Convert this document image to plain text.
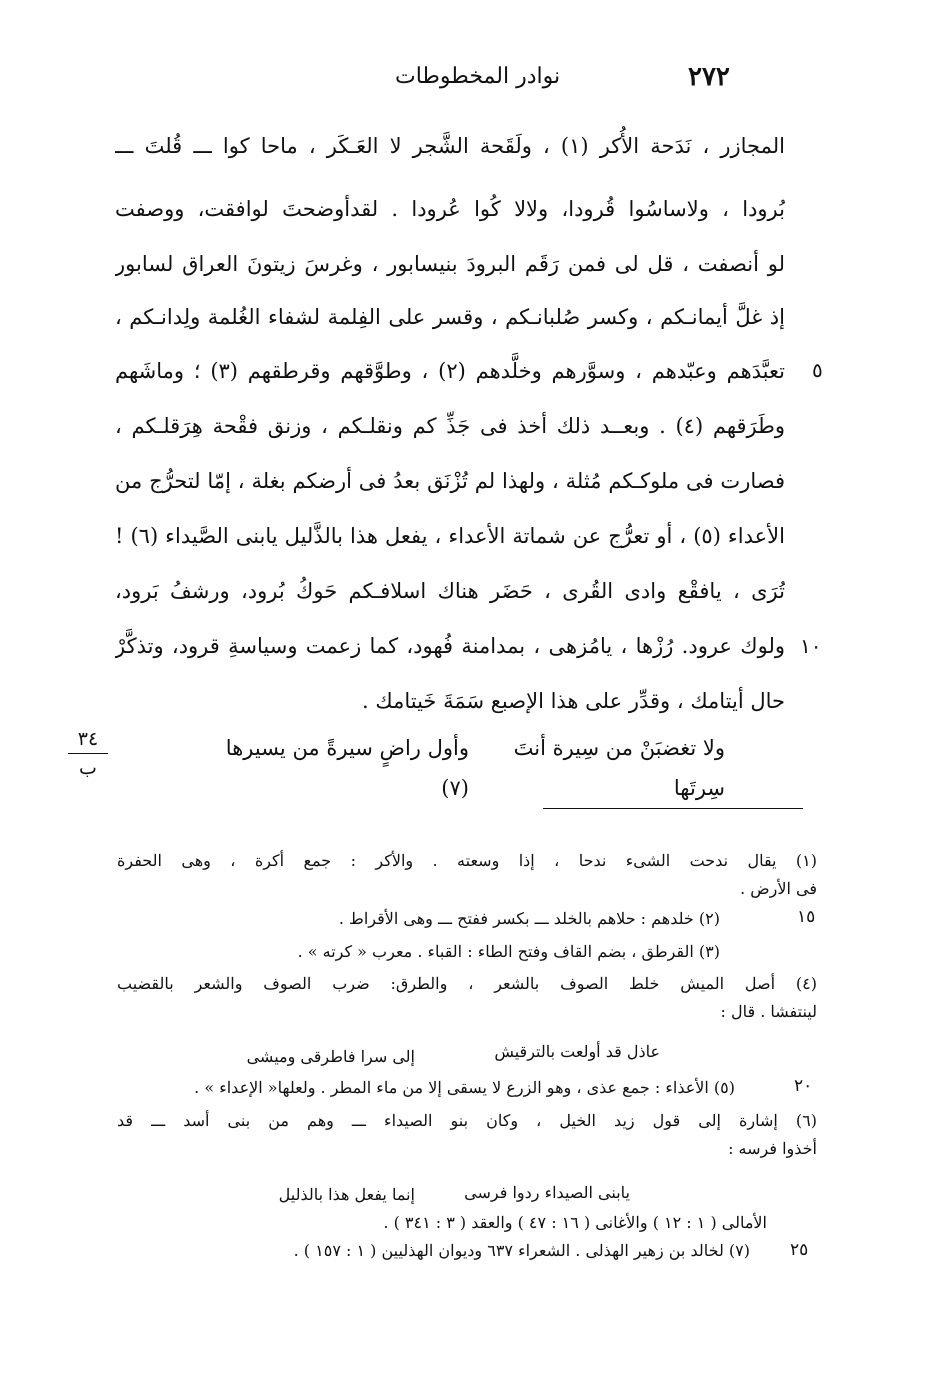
٢٧٢
نوادر المخطوطات
المجازر ، نَدَحة الأُكر (١) ، ولَقَحة الشَّجر لا العَـكَر ، ماحا كوا ـــ قُلتَ ـــ
بُرودا ، ولاساسُوا قُرودا، ولالا كُوا عُرودا . لقدأوضحتَ لوافقت، ووصفت
لو أنصفت ، قل لى فمن رَقَم البرودَ بنيسابور ، وغرسَ زيتونَ العراق لسابور
إذ غلَّ أيمانـكم ، وكسر صُلبانـكم ، وقسر على الفِلمة لشفاء الغُلمة ولِدانـكم ،
تعبَّدَهم وعبّدهم ، وسوَّرهم وخلَّدهم (٢) ، وطوَّقهم وقرطقهم (٣) ؛ وماشَهم
وطَرَقهم (٤) . وبعــد ذلك أخذ فى جَذِّ كم ونقلـكم ، وزنق فقْحة هِرَقلـكم ،
فصارت فى ملوكـكم مُثلة ، ولهذا لم تُزْنَق بعدُ فى أرضكم بغلة ، إمّا لتحرُّج من
الأعداء (٥) ، أو تعرُّج عن شماتة الأعداء ، يفعل هذا بالذَّليل يابنى الصَّيداء (٦) !
تُرَى ، يافقْع وادى القُرى ، حَضَر هناك اسلافـكم حَوكُ بُرود، ورشفُ بَرود،
ولوك عرود. رُزْها ، يامُزهى ، بمدامنة فُهود، كما زعمت وسياسةِ قرود، وتذكَّرْ
حال أيتامك ، وقدِّر على هذا الإصبع سَمَةَ خَيتامك .
ولا تغضبَنْ من سِيرة أنتَ سِرتَها
وأول راضٍ سيرةً من يسيرها (٧)
٥
١٠
٣٤
ب
(١) يقال ندحت الشىء ندحا ، إذا وسعته . والأكر : جمع أكرة ، وهى الحفرة
فى الأرض .
(٢) خلدهم : حلاهم بالخلد ـــ بكسر ففتح ـــ وهى الأقراط .
(٣) القرطق ، بضم القاف وفتح الطاء : القباء . معرب « كرته » .
(٤) أصل الميش خلط الصوف بالشعر ، والطرق: ضرب الصوف والشعر بالقضيب
لينتفشا . قال :
عاذل قد أولعت بالترقيش
إلى سرا فاطرقى وميشى
(٥) الأعذاء : جمع عذى ، وهو الزرع لا يسقى إلا من ماء المطر . ولعلها« الإعداء » .
(٦) إشارة إلى قول زيد الخيل ، وكان بنو الصيداء ـــ وهم من بنى أسد ـــ قد
أخذوا فرسه :
يابنى الصيداء ردوا فرسى
إنما يفعل هذا بالذليل
الأمالى ( ١ : ١٢ ) والأغانى ( ١٦ : ٤٧ ) والعقد ( ٣ : ٣٤١ ) .
(٧) لخالد بن زهير الهذلى . الشعراء ٦٣٧ وديوان الهذليين ( ١ : ١٥٧ ) .
١٥
٢٠
٢٥
